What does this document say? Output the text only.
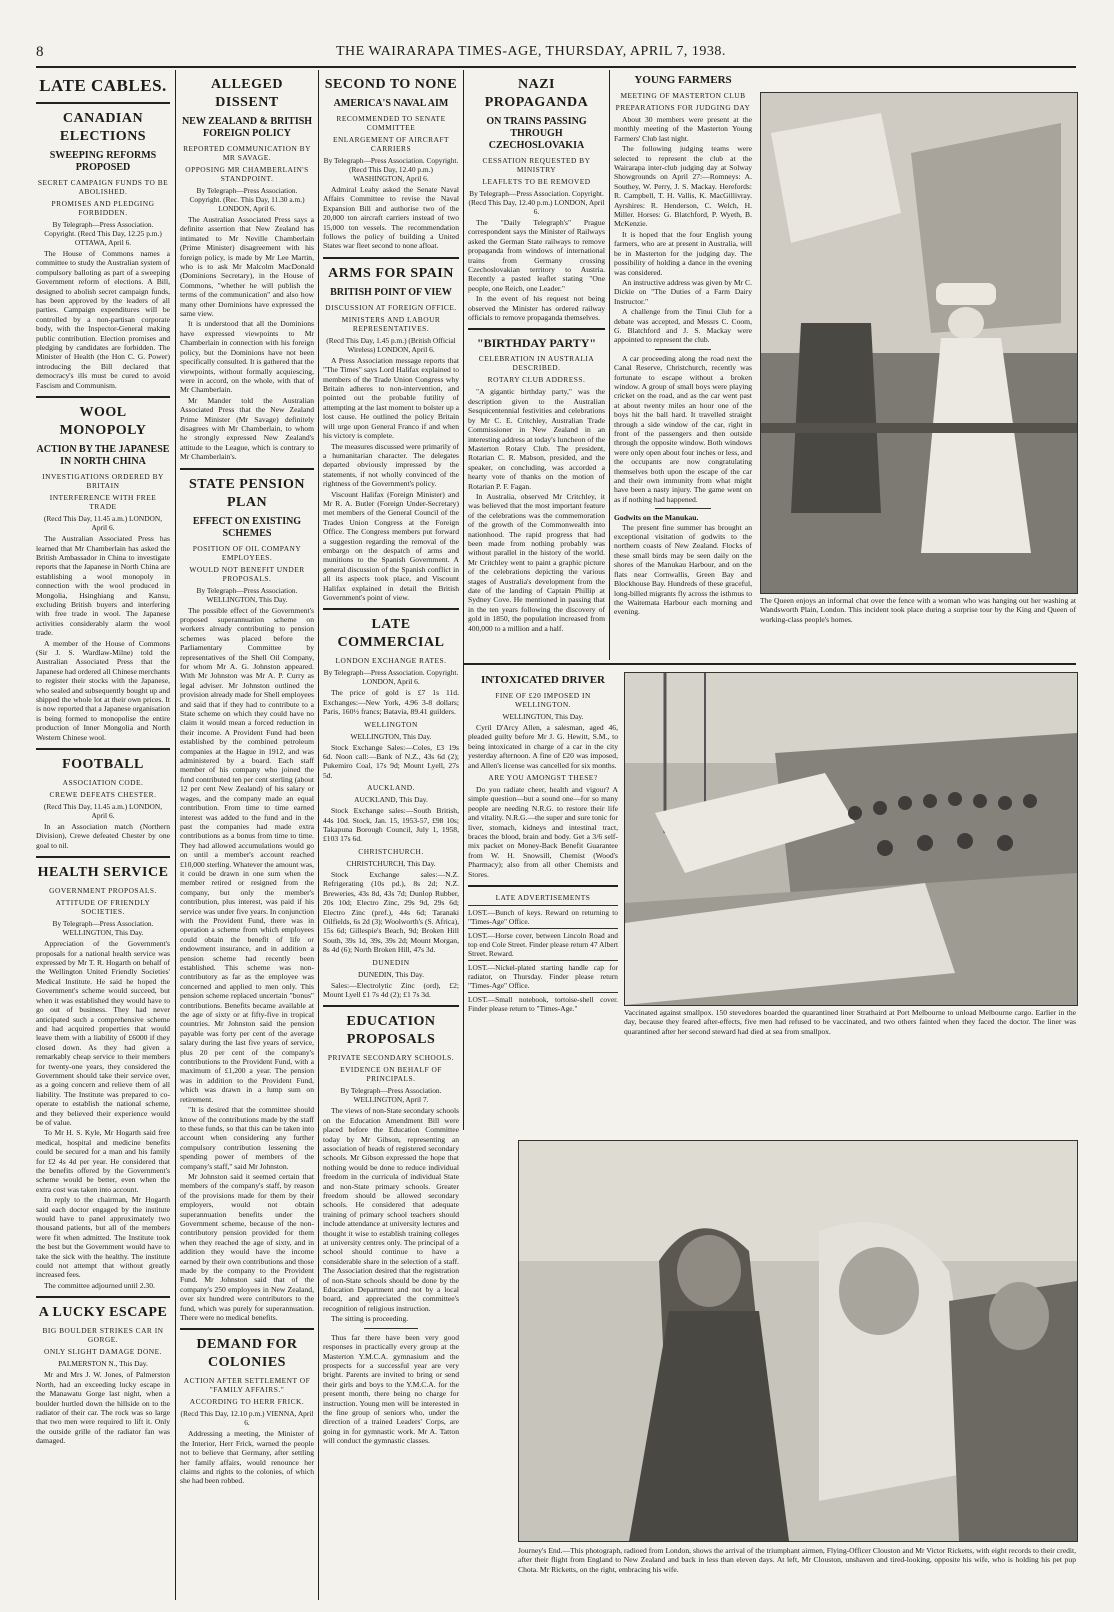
8	THE WAIRARAPA TIMES-AGE, THURSDAY, APRIL 7, 1938.
LATE CABLES.
CANADIAN ELECTIONS
SWEEPING REFORMS PROPOSED
SECRET CAMPAIGN FUNDS TO BE ABOLISHED.
PROMISES AND PLEDGING FORBIDDEN.
By Telegraph—Press Association. Copyright. (Recd This Day, 12.25 p.m.) OTTAWA, April 6.

The House of Commons names a committee to study the Australian system of compulsory balloting as part of a sweeping Government reform of elections. A Bill, designed to abolish secret campaign funds, has been approved by the leaders of all parties. Campaign expenditures will be controlled by a non-partisan corporate body, with the Inspector-General making public contribution. Election promises and pledging by candidates are forbidden. The Minister of Health (the Hon C. G. Power) introducing the Bill declared that democracy's ills must be cured to avoid Fascism and Communism.

WOOL MONOPOLY
ACTION BY THE JAPANESE IN NORTH CHINA
INVESTIGATIONS ORDERED BY BRITAIN
INTERFERENCE WITH FREE TRADE
(Recd This Day, 11.45 a.m.) LONDON, April 6.

The Australian Associated Press has learned that Mr Chamberlain has asked the British Ambassador in China to investigate reports that the Japanese in North China are establishing a wool monopoly in connection with the wool produced in Mongolia, Hsinghiang and Kansu, excluding British buyers and interfering with free trade in wool. The Japanese activities considerably alarm the wool trade.

A member of the House of Commons (Sir J. S. Wardlaw-Milne) told the Australian Associated Press that the Japanese had ordered all Chinese merchants to register their stocks with the Japanese, who sealed and subsequently bought up and shipped the whole lot at their own prices. It is now reported that a Japanese organisation is being formed to monopolise the entire production of Inner Mongolia and North Western Chinese wool.

FOOTBALL
ASSOCIATION CODE.
CREWE DEFEATS CHESTER.
(Recd This Day, 11.45 a.m.) LONDON, April 6.

In an Association match (Northern Division), Crewe defeated Chester by one goal to nil.

HEALTH SERVICE
GOVERNMENT PROPOSALS.
ATTITUDE OF FRIENDLY SOCIETIES.
By Telegraph—Press Association. WELLINGTON, This Day.

Appreciation of the Government's proposals for a national health service was expressed by Mr T. R. Hogarth on behalf of the Wellington United Friendly Societies' Medical Institute. He said he hoped the Government's scheme would succeed, but when it was established they would have to go out of business. They had never anticipated such a comprehensive scheme and had acquired properties that would leave them with a liability of £6000 if they closed down. As they had given a remarkably cheap service to their members for twenty-one years, they considered the Government should take their service over, as a going concern and relieve them of all liability. The Institute was prepared to co-operate to establish the national scheme, and they believed their experience would be of value.

To Mr H. S. Kyle, Mr Hogarth said free medical, hospital and medicine benefits could be secured for a man and his family for £2 4s 4d per year. He considered that the benefits offered by the Government's scheme would be better, even when the extra cost was taken into account.

In reply to the chairman, Mr Hogarth said each doctor engaged by the institute would have to panel approximately two thousand patients, but all of the members were fit when admitted. The Institute took the best but the Government would have to take the sick with the healthy. The institute could not attempt that without greatly increased fees.

The committee adjourned until 2.30.

A LUCKY ESCAPE
BIG BOULDER STRIKES CAR IN GORGE.
ONLY SLIGHT DAMAGE DONE.
PALMERSTON N., This Day.

Mr and Mrs J. W. Jones, of Palmerston North, had an exceeding lucky escape in the Manawatu Gorge last night, when a boulder hurtled down the hillside on to the radiator of their car. The rock was so large that two men were required to lift it. Only the outside grille of the radiator fan was damaged.

ALLEGED DISSENT
NEW ZEALAND & BRITISH FOREIGN POLICY
REPORTED COMMUNICATION BY MR SAVAGE.
OPPOSING MR CHAMBERLAIN'S STANDPOINT.
By Telegraph—Press Association. Copyright. (Rec. This Day, 11.30 a.m.) LONDON, April 6.

The Australian Associated Press says a definite assertion that New Zealand has intimated to Mr Neville Chamberlain (Prime Minister) disagreement with his foreign policy, is made by Mr Lee Martin, who is to ask Mr Malcolm MacDonald (Dominions Secretary), in the House of Commons, "whether he will publish the terms of the communication" and also how many other Dominions have expressed the same view.

It is understood that all the Dominions have expressed viewpoints to Mr Chamberlain in connection with his foreign policy, but the Dominions have not been specifically consulted. It is gathered that the viewpoints, without formally acquiescing, were in accord, on the whole, with that of Mr Chamberlain.

Mr Mander told the Australian Associated Press that the New Zealand Prime Minister (Mr Savage) definitely disagrees with Mr Chamberlain, to whom he strongly expressed New Zealand's attitude to the League, which is contrary to Mr Chamberlain's.

STATE PENSION PLAN
EFFECT ON EXISTING SCHEMES
POSITION OF OIL COMPANY EMPLOYEES.
WOULD NOT BENEFIT UNDER PROPOSALS.
By Telegraph—Press Association. WELLINGTON, This Day.

The possible effect of the Government's proposed superannuation scheme on workers already contributing to pension schemes was placed before the Parliamentary Committee by representatives of the Shell Oil Company, for whom Mr A. G. Johnston appeared. With Mr Johnston was Mr A. P. Curry as legal adviser. Mr Johnston outlined the provision already made for Shell employees and said that if they had to contribute to a State scheme on which they could have no claim it would mean a forced reduction in their income. A Provident Fund had been established by the combined petroleum companies at the Hague in 1912, and was administered by a board. Each staff member of his company who joined the fund contributed ten per cent sterling (about 12 per cent New Zealand) of his salary or wages, and the company made an equal contribution. From time to time earned interest was added to the fund and in the past the companies had made extra contributions as a bonus from time to time. They had allowed accumulations would go on until a member's account reached £10,000 sterling. Whatever the amount was, it could be drawn in one sum when the member retired or resigned from the company, but only the member's contribution, plus interest, was paid if his service was under five years. In conjunction with the Provident Fund, there was in operation a scheme from which employees could obtain the benefit of life or endowment insurance, and in addition a pension scheme had recently been established. This scheme was non-contributory as far as the employee was concerned and applied to men only. This pension scheme replaced uncertain "bonus" contributions. Benefits became available at the age of sixty or at fifty-five in tropical countries. Mr Johnston said the pension payable was forty per cent of the average salary during the last five years of service, plus 20 per cent of the company's contributions to the Provident Fund, with a maximum of £1,200 a year. The pension was in addition to the Provident Fund, which was drawn in a lump sum on retirement.

"It is desired that the committee should know of the contributions made by the staff to these funds, so that this can be taken into account when considering any further compulsory contribution lessening the spending power of members of the company's staff," said Mr Johnston.

Mr Johnston said it seemed certain that members of the company's staff, by reason of the provisions made for them by their employers, would not obtain superannuation benefits under the Government scheme, because of the non-contributory pension provided for them when they reached the age of sixty, and in addition they would have the income earned by their own contributions and those made by the company to the Provident Fund. Mr Johnston said that of the company's 250 employees in New Zealand, over six hundred were contributors to the fund, which was purely for superannuation. There were no medical benefits.

DEMAND FOR COLONIES
ACTION AFTER SETTLEMENT OF "FAMILY AFFAIRS."
ACCORDING TO HERR FRICK.
(Recd This Day, 12.10 p.m.) VIENNA, April 6.

Addressing a meeting, the Minister of the Interior, Herr Frick, warned the people not to believe that Germany, after settling her family affairs, would renounce her claims and rights to the colonies, of which she had been robbed.

SECOND TO NONE
AMERICA'S NAVAL AIM
RECOMMENDED TO SENATE COMMITTEE
ENLARGEMENT OF AIRCRAFT CARRIERS
By Telegraph—Press Association. Copyright. (Recd This Day, 12.40 p.m.) WASHINGTON, April 6.

Admiral Leahy asked the Senate Naval Affairs Committee to revise the Naval Expansion Bill and authorise two of the 20,000 ton aircraft carriers instead of two 15,000 ton vessels. The recommendation follows the policy of building a United States war fleet second to none afloat.

ARMS FOR SPAIN
BRITISH POINT OF VIEW
DISCUSSION AT FOREIGN OFFICE.
MINISTERS AND LABOUR REPRESENTATIVES.
(Recd This Day, 1.45 p.m.) (British Official Wireless) LONDON, April 6.

A Press Association message reports that "The Times" says Lord Halifax explained to members of the Trade Union Congress why Britain adheres to non-intervention, and pointed out the probable futility of attempting at the last moment to bolster up a lost cause. He outlined the policy Britain will urge upon General Franco if and when his victory is complete.

The measures discussed were primarily of a humanitarian character. The delegates departed obviously impressed by the statements, if not wholly convinced of the rightness of the Government's policy.

Viscount Halifax (Foreign Minister) and Mr R. A. Butler (Foreign Under-Secretary) met members of the General Council of the Trades Union Congress at the Foreign Office. The Congress members put forward a suggestion regarding the removal of the embargo on the despatch of arms and munitions to the Spanish Government. A general discussion of the Spanish conflict in all its aspects took place, and Viscount Halifax explained in detail the British Government's point of view.

LATE COMMERCIAL
LONDON EXCHANGE RATES.
By Telegraph—Press Association. Copyright. LONDON, April 6.

The price of gold is £7 1s 11d. Exchanges:—New York, 4.96 3-8 dollars; Paris, 160½ francs; Batavia, 89.41 guilders.

WELLINGTON
WELLINGTON, This Day.

Stock Exchange Sales:—Coles, £3 19s 6d. Noon call:—Bank of N.Z., 43s 6d (2); Pukemiro Coal, 17s 9d; Mount Lyell, 27s 5d.

AUCKLAND.
AUCKLAND, This Day.

Stock Exchange sales:—South British, 44s 10d. Stock, Jan. 15, 1953-57, £98 10s; Takapuna Borough Council, July 1, 1958, £103 17s 6d.

CHRISTCHURCH.
CHRISTCHURCH, This Day.

Stock Exchange sales:—N.Z. Refrigerating (10s pd.), 8s 2d; N.Z. Breweries, 43s 8d, 43s 7d; Dunlop Rubber, 20s 10d; Electro Zinc, 29s 9d, 29s 6d; Electro Zinc (pref.), 44s 6d; Taranaki Oilfields, 6s 2d (3); Woolworth's (S. Africa), 15s 6d; Gillespie's Beach, 9d; Broken Hill South, 39s 1d, 39s, 39s 2d; Mount Morgan, 8s 4d (6); North Broken Hill, 47s 3d.

DUNEDIN
DUNEDIN, This Day.

Sales:—Electrolytic Zinc (ord), £2; Mount Lyell £1 7s 4d (2); £1 7s 3d.

EDUCATION PROPOSALS
PRIVATE SECONDARY SCHOOLS.
EVIDENCE ON BEHALF OF PRINCIPALS.
By Telegraph—Press Association. WELLINGTON, April 7.

The views of non-State secondary schools on the Education Amendment Bill were placed before the Education Committee today by Mr Gibson, representing an association of heads of registered secondary schools. Mr Gibson expressed the hope that nothing would be done to reduce individual freedom in the curricula of individual State and non-State primary schools. Greater freedom should be allowed secondary schools. He considered that adequate training of primary school teachers should include attendance at university lectures and thought it wise to establish training colleges at university centres only. The principal of a school should continue to have a considerable share in the selection of a staff. The Association desired that the registration of non-State schools should be done by the Education Department and not by a local board, and appreciated the committee's recognition of religious instruction.

The sitting is proceeding.

Thus far there have been very good responses in practically every group at the Masterton Y.M.C.A. gymnasium and the prospects for a successful year are very bright. Parents are invited to bring or send their girls and boys to the Y.M.C.A. for the present month, there being no charge for instruction. Young men will be interested in the fine group of seniors who, under the direction of a trained Leaders' Corps, are going in for gymnastic work. Mr A. Tatton will conduct the gymnastic classes.

NAZI PROPAGANDA
ON TRAINS PASSING THROUGH CZECHOSLOVAKIA
CESSATION REQUESTED BY MINISTRY
LEAFLETS TO BE REMOVED
By Telegraph—Press Association. Copyright. (Recd This Day, 12.40 p.m.) LONDON, April 6.

The "Daily Telegraph's" Prague correspondent says the Minister of Railways asked the German State railways to remove propaganda from windows of international trains from Germany crossing Czechoslovakian territory to Austria. Recently a pasted leaflet stating "One people, one Reich, one Leader."

In the event of his request not being observed the Minister has ordered railway officials to remove propaganda themselves.

"BIRTHDAY PARTY"
CELEBRATION IN AUSTRALIA DESCRIBED.
ROTARY CLUB ADDRESS.

"A gigantic birthday party," was the description given to the Australian Sesquicentennial festivities and celebrations by Mr C. E. Critchley, Australian Trade Commissioner in New Zealand in an interesting address at today's luncheon of the Masterton Rotary Club. The president, Rotarian C. R. Mabson, presided, and the speaker, on concluding, was accorded a hearty vote of thanks on the motion of Rotarian P. F. Fagan.

In Australia, observed Mr Critchley, it was believed that the most important feature of the celebrations was the commemoration of the growth of the Commonwealth into nationhood. The rapid progress that had been made from nothing probably was without parallel in the history of the world. Mr Critchley went to paint a graphic picture of the celebrations depicting the various stages of Australia's development from the date of the landing of Captain Phillip at Sydney Cove. He mentioned in passing that in the ten years following the discovery of gold in 1850, the population increased from 400,000 to a million and a half.

INTOXICATED DRIVER
FINE OF £20 IMPOSED IN WELLINGTON.
WELLINGTON, This Day.

Cyril D'Arcy Allen, a salesman, aged 46, pleaded guilty before Mr J. G. Hewitt, S.M., to being intoxicated in charge of a car in the city yesterday afternoon. A fine of £20 was imposed, and Allen's license was cancelled for six months.

ARE YOU AMONGST THESE?

Do you radiate cheer, health and vigour? A simple question—but a sound one—for so many people are needing N.R.G. to restore their life and vitality. N.R.G.—the super and sure tonic for liver, stomach, kidneys and intestinal tract, braces the blood, brain and body. Get a 3/6 self-mix packet on Money-Back Benefit Guarantee from W. H. Snowsill, Chemist (Wood's Pharmacy); also from all other Chemists and Stores.

LATE ADVERTISEMENTS
LOST.—Bunch of keys. Reward on returning to "Times-Age" Office.
LOST.—Horse cover, between Lincoln Road and top end Cole Street. Finder please return 47 Albert Street. Reward.
LOST.—Nickel-plated starting handle cap for radiator, on Thursday. Finder please return "Times-Age" Office.
LOST.—Small notebook, tortoise-shell cover. Finder please return to "Times-Age."
YOUNG FARMERS
MEETING OF MASTERTON CLUB
PREPARATIONS FOR JUDGING DAY

About 30 members were present at the monthly meeting of the Masterton Young Farmers' Club last night.

The following judging teams were selected to represent the club at the Wairarapa inter-club judging day at Solway Showgrounds on April 27:—Romneys: A. Southey, W. Perry, J. S. Mackay. Herefords: R. Campbell, T. H. Vallis, K. MacGillivray. Ayrshires: R. Henderson, C. Welch, H. Miller. Horses: G. Blatchford, P. Wyeth, B. McKenzie.

It is hoped that the four English young farmers, who are at present in Australia, will be in Masterton for the judging day. The possibility of holding a dance in the evening was considered.

An instructive address was given by Mr C. Dickie on "The Duties of a Farm Dairy Instructor."

A challenge from the Tinui Club for a debate was accepted, and Messrs C. Coom, G. Blatchford and J. S. Mackay were appointed to represent the club.

A car proceeding along the road next the Canal Reserve, Christchurch, recently was fortunate to escape without a broken window. A group of small boys were playing cricket on the road, and as the car went past at about twenty miles an hour one of the boys hit the ball hard. It travelled straight through a side window of the car, right in front of the passengers and then outside through the opposite window. Both windows were only open about four inches or less, and the occupants are now congratulating themselves both upon the escape of the car and their own immunity from what might have been a nasty injury. The game went on as if nothing had happened.

Godwits on the Manukau.

The present fine summer has brought an exceptional visitation of godwits to the northern coasts of New Zealand. Flocks of these small birds may be seen daily on the shores of the Manukau Harbour, and on the flats near Cornwallis, Green Bay and Blockhouse Bay. Hundreds of these graceful, long-billed migrants fly across the isthmus to the Waitemata Harbour each morning and evening.

The Queen enjoys an informal chat over the fence with a woman who was hanging out her washing at Wandsworth Plain, London. This incident took place during a surprise tour by the King and Queen of working-class people's homes.
Vaccinated against smallpox. 150 stevedores boarded the quarantined liner Strathaird at Port Melbourne to unload Melbourne cargo. Earlier in the day, because they feared after-effects, five men had refused to be vaccinated, and two others fainted when they faced the doctor. The liner was quarantined after her second steward had died at sea from smallpox.
Journey's End.—This photograph, radioed from London, shows the arrival of the triumphant airmen, Flying-Officer Clouston and Mr Victor Ricketts, with eight records to their credit, after their flight from England to New Zealand and back in less than eleven days. At left, Mr Clouston, unshaven and tired-looking, opposite his wife, who is holding his pet pup Chota. Mr Ricketts, on the right, embracing his wife.
